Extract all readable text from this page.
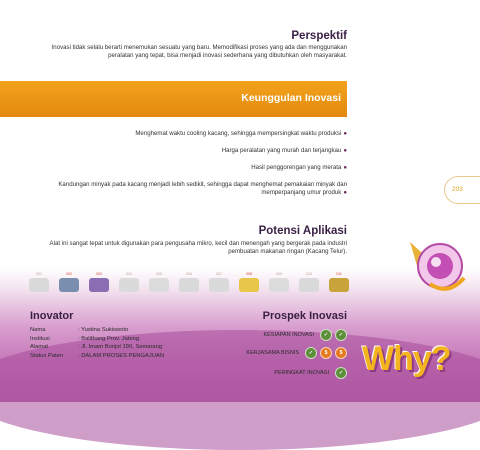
Perspektif
Inovasi tidak selalu berarti menemukan sesuatu yang baru. Memodifikasi proses yang ada dan menggunakan peralatan yang tepat, bisa menjadi inovasi sederhana yang dibutuhkan oleh masyarakat.
Keunggulan Inovasi
Menghemat waktu cooling kacang, sehingga mempersingkat waktu produksi ●
Harga peralatan yang murah dan terjangkau ●
Hasil penggorengan yang merata ●
Kandungan minyak pada kacang menjadi lebih sedikit, sehingga dapat menghemat pemakaian minyak dan memperpanjang umur produk ●	203
Potensi Aplikasi
Alat ini sangat tepat untuk digunakan para pengusaha mikro, kecil dan menengah yang bergerak pada industri pembuatan makanan ringan (Kacang Telur).
001	002	003	004	005	006	007	008	009	010	011
Inovator
Nama	: Yustina Sukiswoto
Institusi	: Balitbang Prov. Jateng
Alamat	: Jl. Imam Bonjol 190, Semarang
Status Paten	: DALAM PROSES PENGAJUAN
Prospek Inovasi
KESIAPAN INOVASI	✓	✓
KERJASAMA BISNIS	✓	$	$
PERINGKAT INOVASI	✓ Why?
